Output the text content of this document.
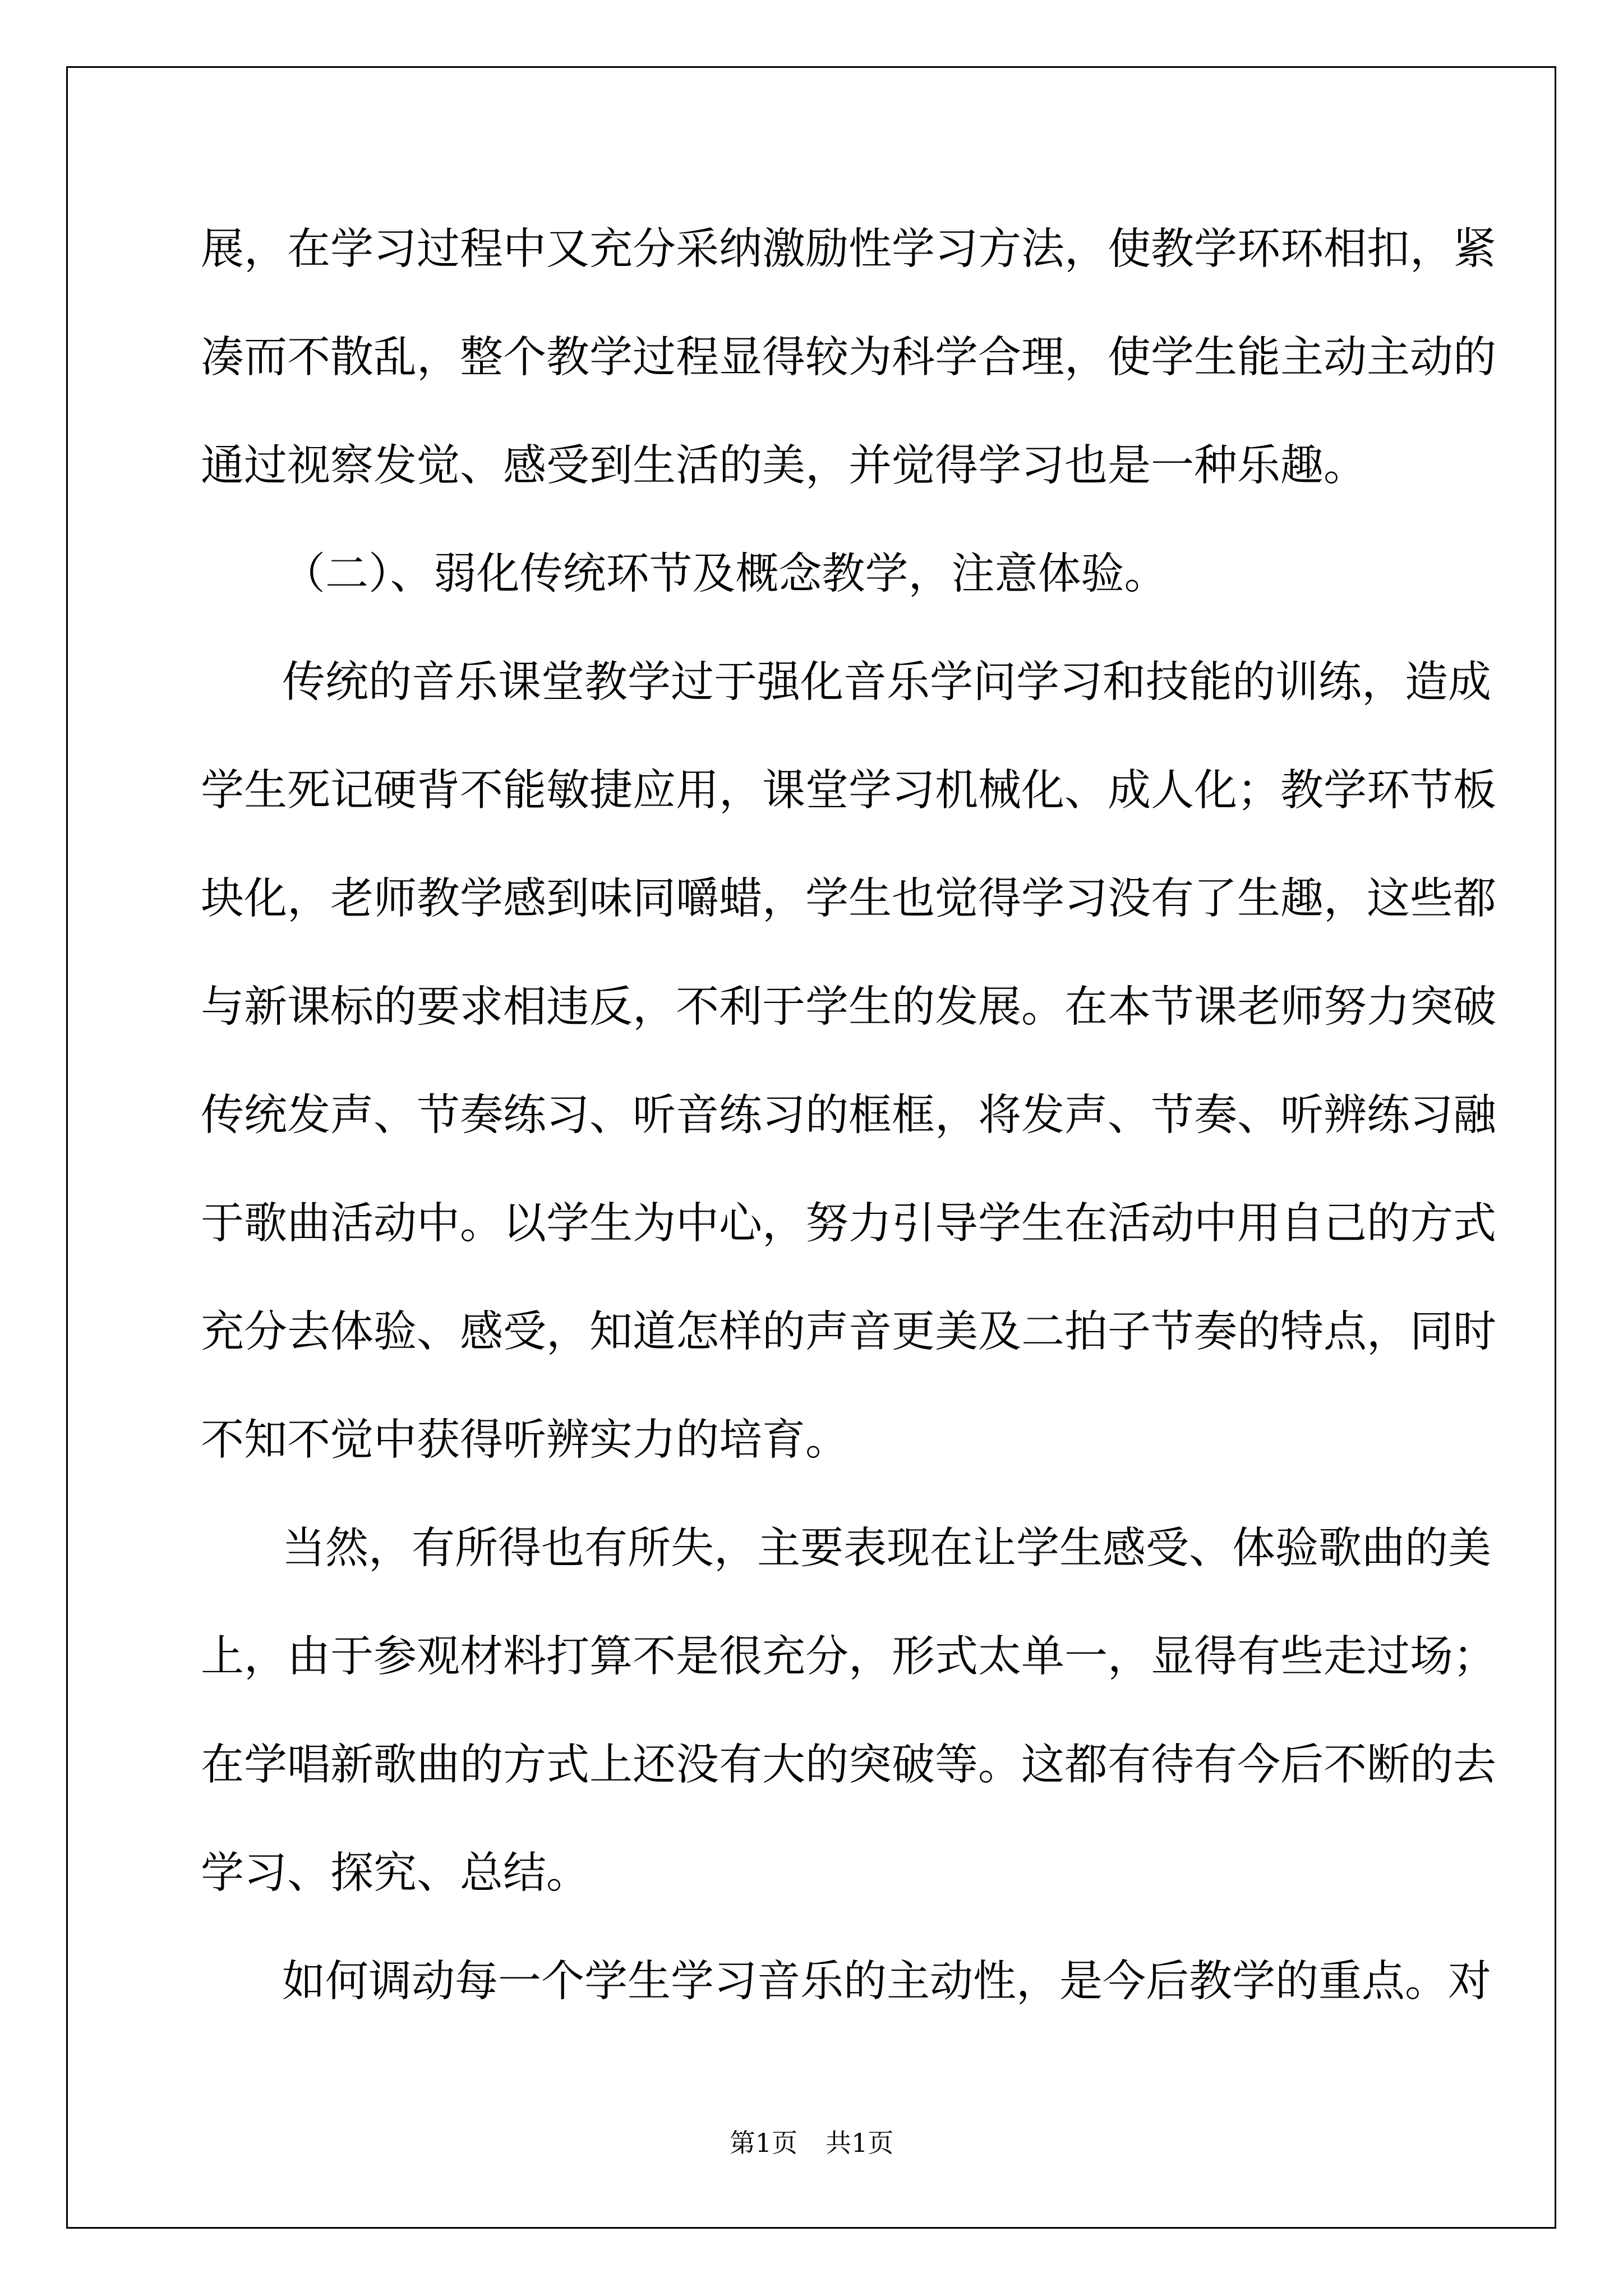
展，在学习过程中又充分采纳激励性学习方法，使教学环环相扣，紧
凑而不散乱，整个教学过程显得较为科学合理，使学生能主动主动的
通过视察发觉、感受到生活的美，并觉得学习也是一种乐趣。
（二）、弱化传统环节及概念教学，注意体验。
传统的音乐课堂教学过于强化音乐学问学习和技能的训练，造成
学生死记硬背不能敏捷应用，课堂学习机械化、成人化；教学环节板
块化，老师教学感到味同嚼蜡，学生也觉得学习没有了生趣，这些都
与新课标的要求相违反，不利于学生的发展。在本节课老师努力突破
传统发声、节奏练习、听音练习的框框，将发声、节奏、听辨练习融
于歌曲活动中。以学生为中心，努力引导学生在活动中用自己的方式
充分去体验、感受，知道怎样的声音更美及二拍子节奏的特点，同时
不知不觉中获得听辨实力的培育。
当然，有所得也有所失，主要表现在让学生感受、体验歌曲的美
上，由于参观材料打算不是很充分，形式太单一，显得有些走过场；
在学唱新歌曲的方式上还没有大的突破等。这都有待有今后不断的去
学习、探究、总结。
如何调动每一个学生学习音乐的主动性，是今后教学的重点。对
第1页 共1页
